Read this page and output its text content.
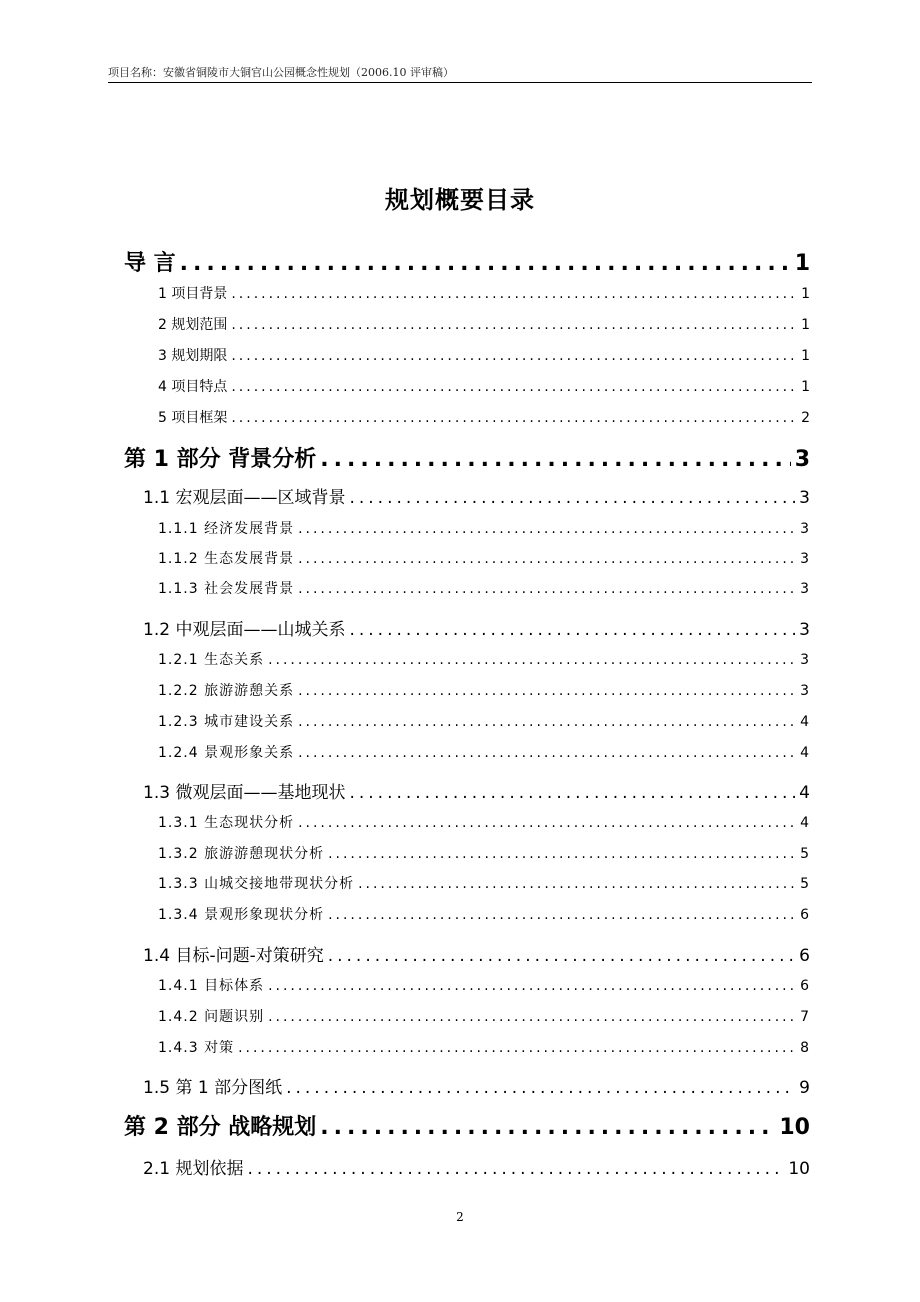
项目名称：安徽省铜陵市大铜官山公园概念性规划（2006.10 评审稿）
规划概要目录
导 言 .....	1
1 项目背景 .....	1
2 规划范围 .....	1
3 规划期限 .....	1
4 项目特点 .....	1
5 项目框架 .....	2
第 1 部分 背景分析 .....	3
1.1 宏观层面——区域背景 .....	3
1.1.1 经济发展背景 .....	3
1.1.2 生态发展背景 .....	3
1.1.3 社会发展背景 .....	3
1.2 中观层面——山城关系 .....	3
1.2.1 生态关系 .....	3
1.2.2 旅游游憩关系 .....	3
1.2.3 城市建设关系 .....	4
1.2.4 景观形象关系 .....	4
1.3 微观层面——基地现状 .....	4
1.3.1 生态现状分析 .....	4
1.3.2 旅游游憩现状分析 .....	5
1.3.3 山城交接地带现状分析 .....	5
1.3.4 景观形象现状分析 .....	6
1.4 目标-问题-对策研究 .....	6
1.4.1 目标体系 .....	6
1.4.2 问题识别 .....	7
1.4.3 对策 .....	8
1.5 第 1 部分图纸 .....	9
第 2 部分 战略规划 .....	10
2.1 规划依据 .....	10
2
